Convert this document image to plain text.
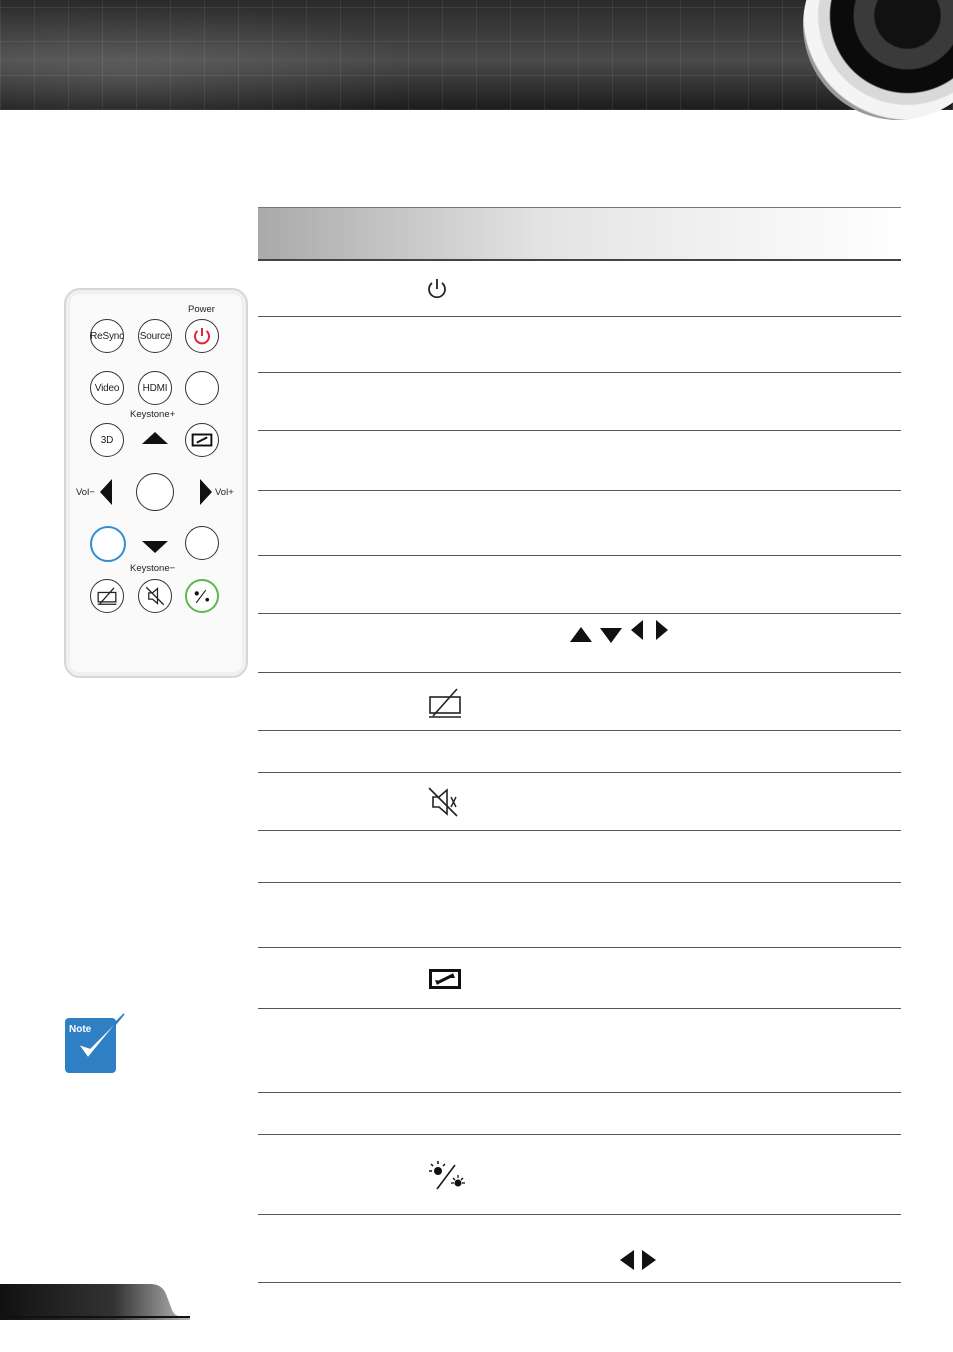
Power
ReSync Source
Video HDMI
Keystone+
3D
Vol−	Vol+
Keystone−
Note
